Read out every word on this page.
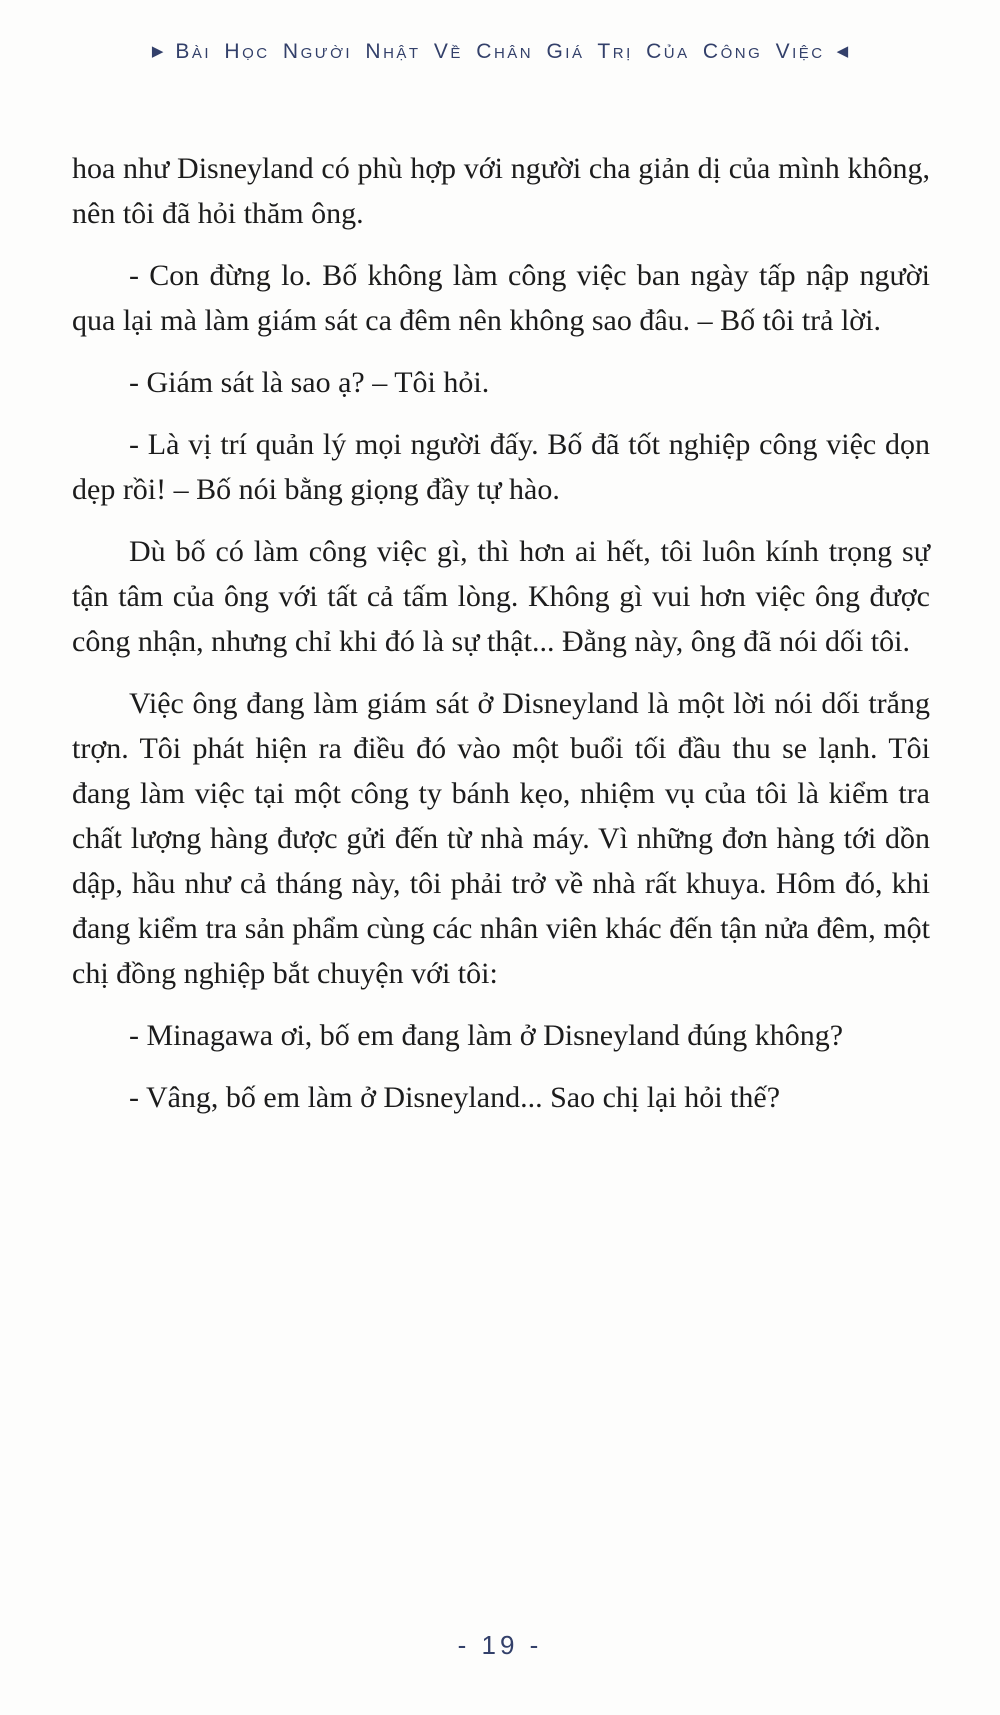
▶ Bài Học Người Nhật Về Chân Giá Trị Của Công Việc ◀

hoa như Disneyland có phù hợp với người cha giản dị của mình không, nên tôi đã hỏi thăm ông.

- Con đừng lo. Bố không làm công việc ban ngày tấp nập người qua lại mà làm giám sát ca đêm nên không sao đâu. – Bố tôi trả lời.

- Giám sát là sao ạ? – Tôi hỏi.

- Là vị trí quản lý mọi người đấy. Bố đã tốt nghiệp công việc dọn dẹp rồi! – Bố nói bằng giọng đầy tự hào.

Dù bố có làm công việc gì, thì hơn ai hết, tôi luôn kính trọng sự tận tâm của ông với tất cả tấm lòng. Không gì vui hơn việc ông được công nhận, nhưng chỉ khi đó là sự thật... Đằng này, ông đã nói dối tôi.

Việc ông đang làm giám sát ở Disneyland là một lời nói dối trắng trợn. Tôi phát hiện ra điều đó vào một buổi tối đầu thu se lạnh. Tôi đang làm việc tại một công ty bánh kẹo, nhiệm vụ của tôi là kiểm tra chất lượng hàng được gửi đến từ nhà máy. Vì những đơn hàng tới dồn dập, hầu như cả tháng này, tôi phải trở về nhà rất khuya. Hôm đó, khi đang kiểm tra sản phẩm cùng các nhân viên khác đến tận nửa đêm, một chị đồng nghiệp bắt chuyện với tôi:

- Minagawa ơi, bố em đang làm ở Disneyland đúng không?

- Vâng, bố em làm ở Disneyland... Sao chị lại hỏi thế?

- 19 -
